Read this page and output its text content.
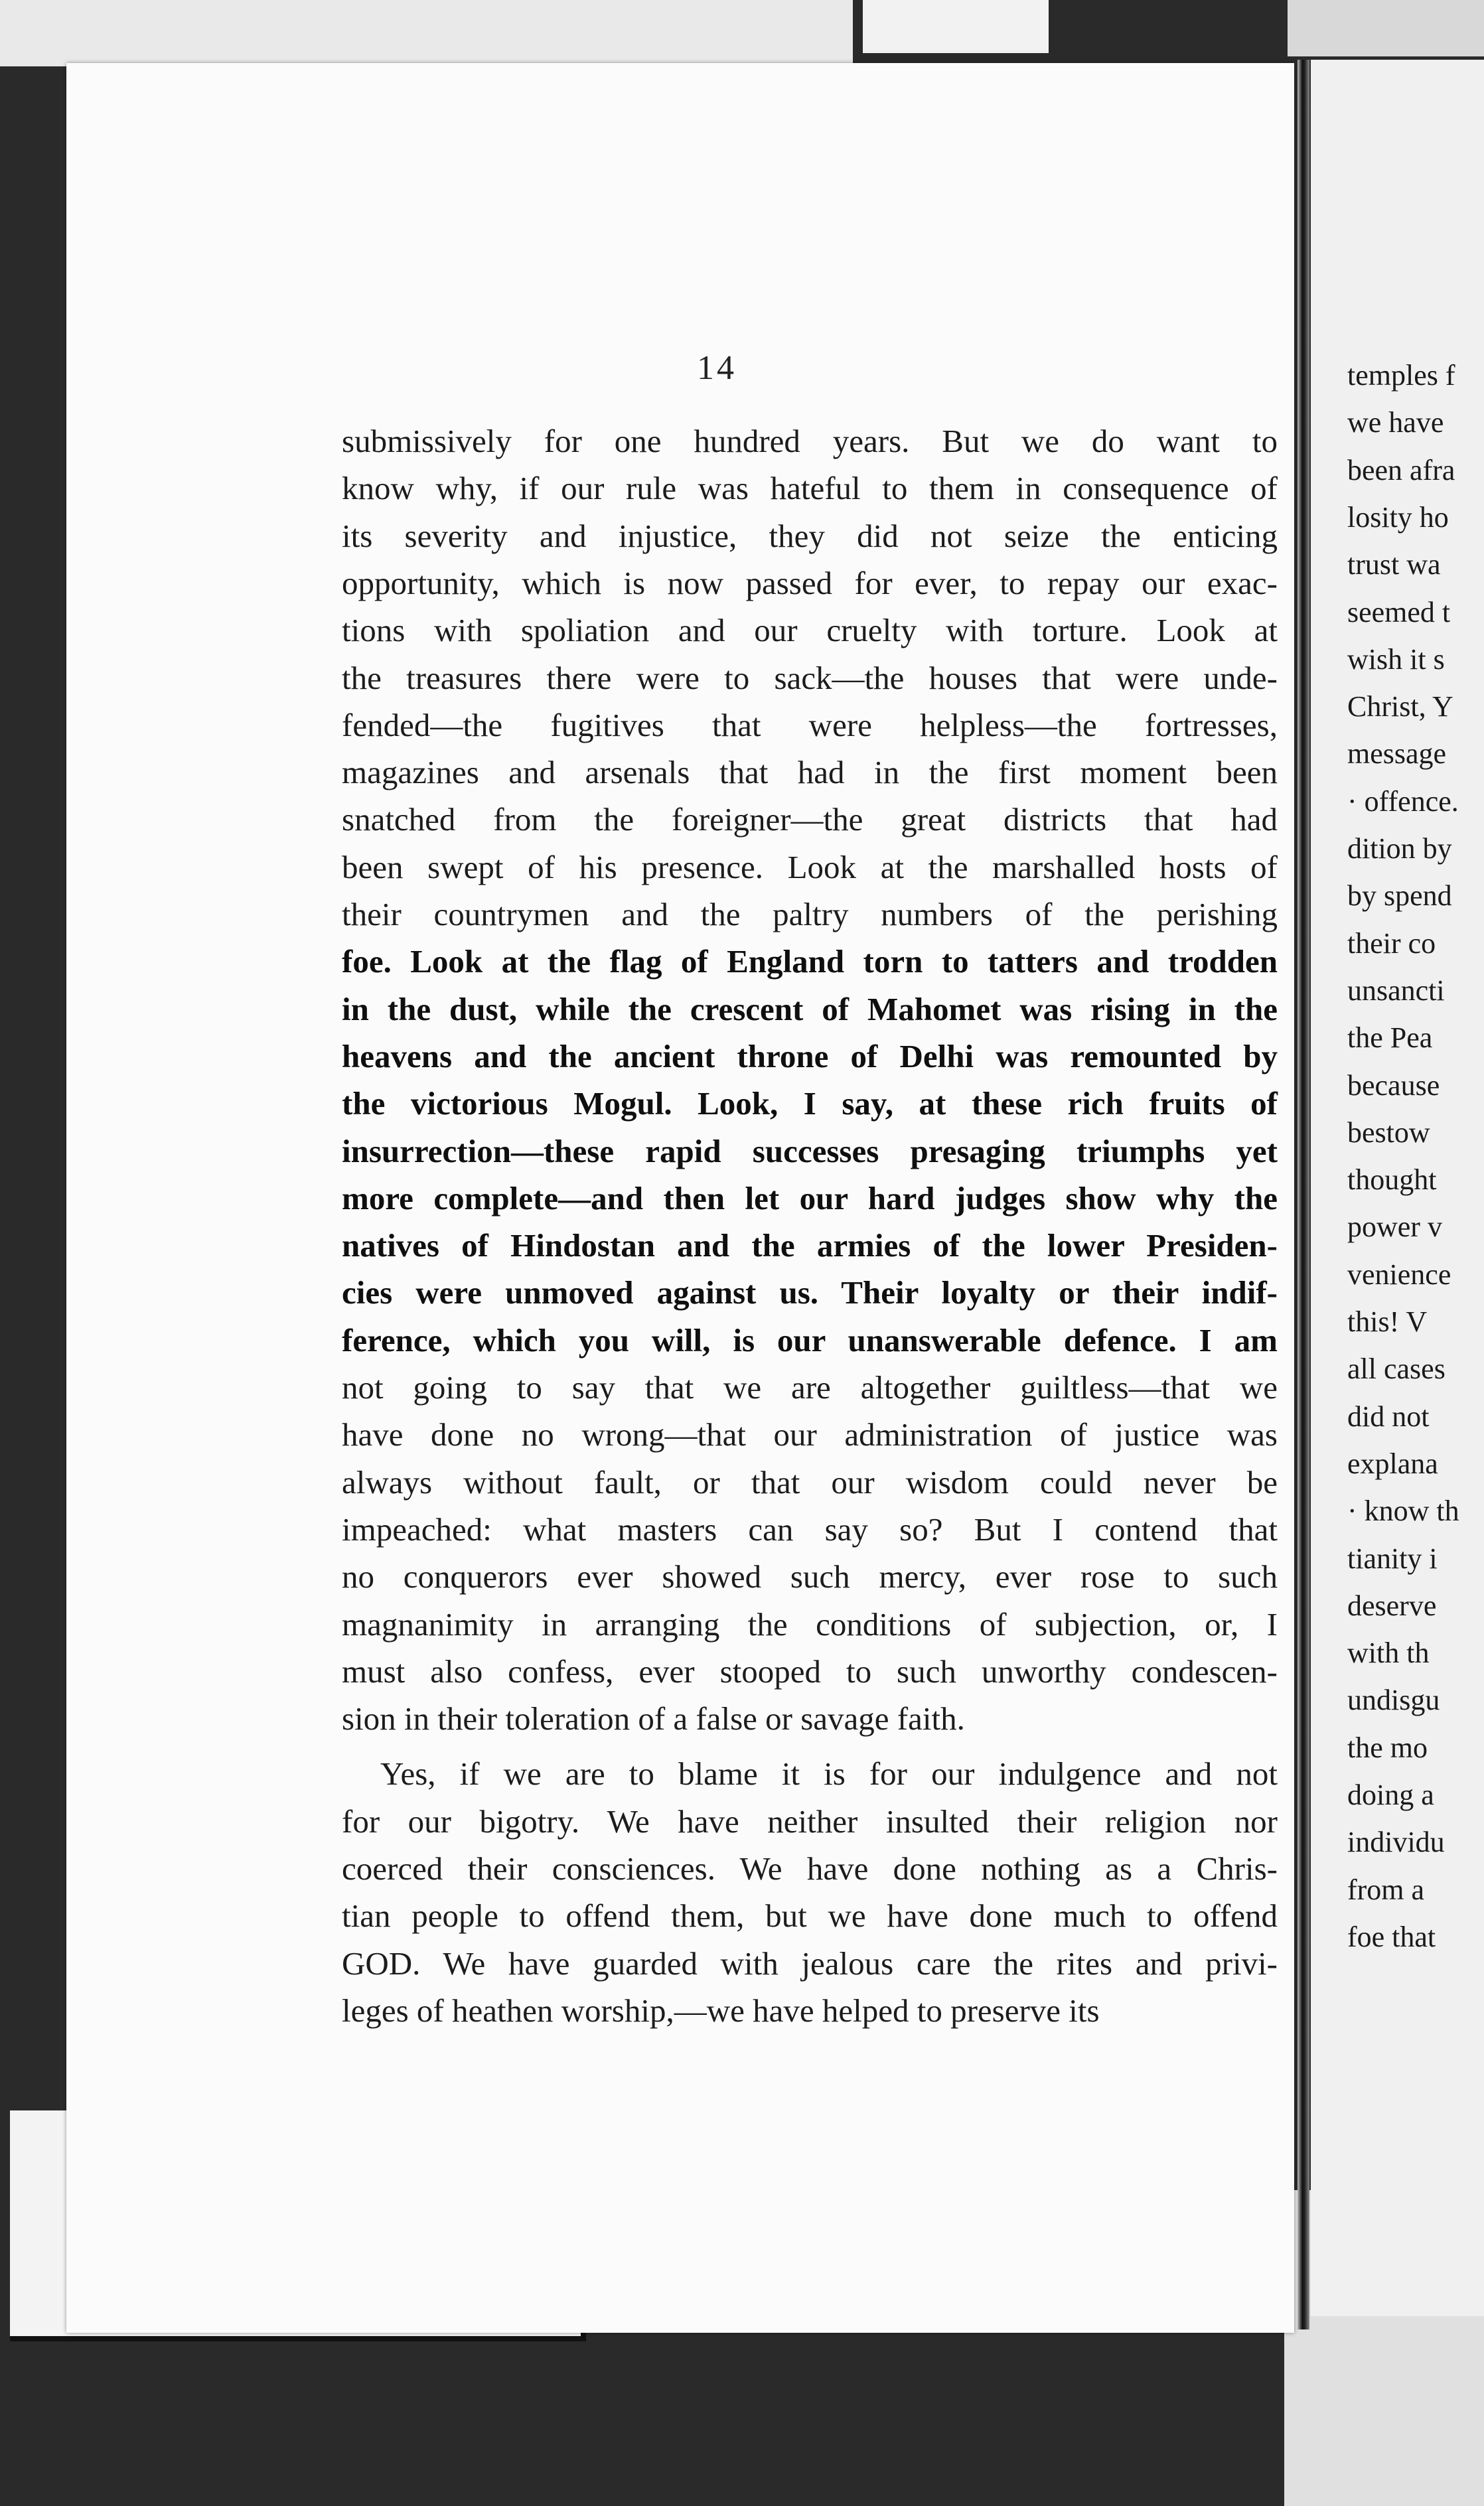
14
submissively for one hundred years. But we do want to
know why, if our rule was hateful to them in consequence of
its severity and injustice, they did not seize the enticing
opportunity, which is now passed for ever, to repay our exac-
tions with spoliation and our cruelty with torture. Look at
the treasures there were to sack—the houses that were unde-
fended—the fugitives that were helpless—the fortresses,
magazines and arsenals that had in the first moment been
snatched from the foreigner—the great districts that had
been swept of his presence. Look at the marshalled hosts of
their countrymen and the paltry numbers of the perishing
foe. Look at the flag of England torn to tatters and trodden
in the dust, while the crescent of Mahomet was rising in the
heavens and the ancient throne of Delhi was remounted by
the victorious Mogul. Look, I say, at these rich fruits of
insurrection—these rapid successes presaging triumphs yet
more complete—and then let our hard judges show why the
natives of Hindostan and the armies of the lower Presiden-
cies were unmoved against us. Their loyalty or their indif-
ference, which you will, is our unanswerable defence. I am
not going to say that we are altogether guiltless—that we
have done no wrong—that our administration of justice was
always without fault, or that our wisdom could never be
impeached: what masters can say so? But I contend that
no conquerors ever showed such mercy, ever rose to such
magnanimity in arranging the conditions of subjection, or, I
must also confess, ever stooped to such unworthy condescen-
sion in their toleration of a false or savage faith.
Yes, if we are to blame it is for our indulgence and not
for our bigotry. We have neither insulted their religion nor
coerced their consciences. We have done nothing as a Chris-
tian people to offend them, but we have done much to offend
GOD. We have guarded with jealous care the rites and privi-
leges of heathen worship,—we have helped to preserve its
temples f
we have
been afra
losity ho
trust wa
seemed t
wish it s
Christ, Y
message
· offence.
dition by
by spend
their co
unsancti
the Pea
because
bestow
thought
power v
venience
this! V
all cases
did not
explana
· know th
tianity i
deserve
with th
undisgu
the mo
doing a
individu
from a
foe that
